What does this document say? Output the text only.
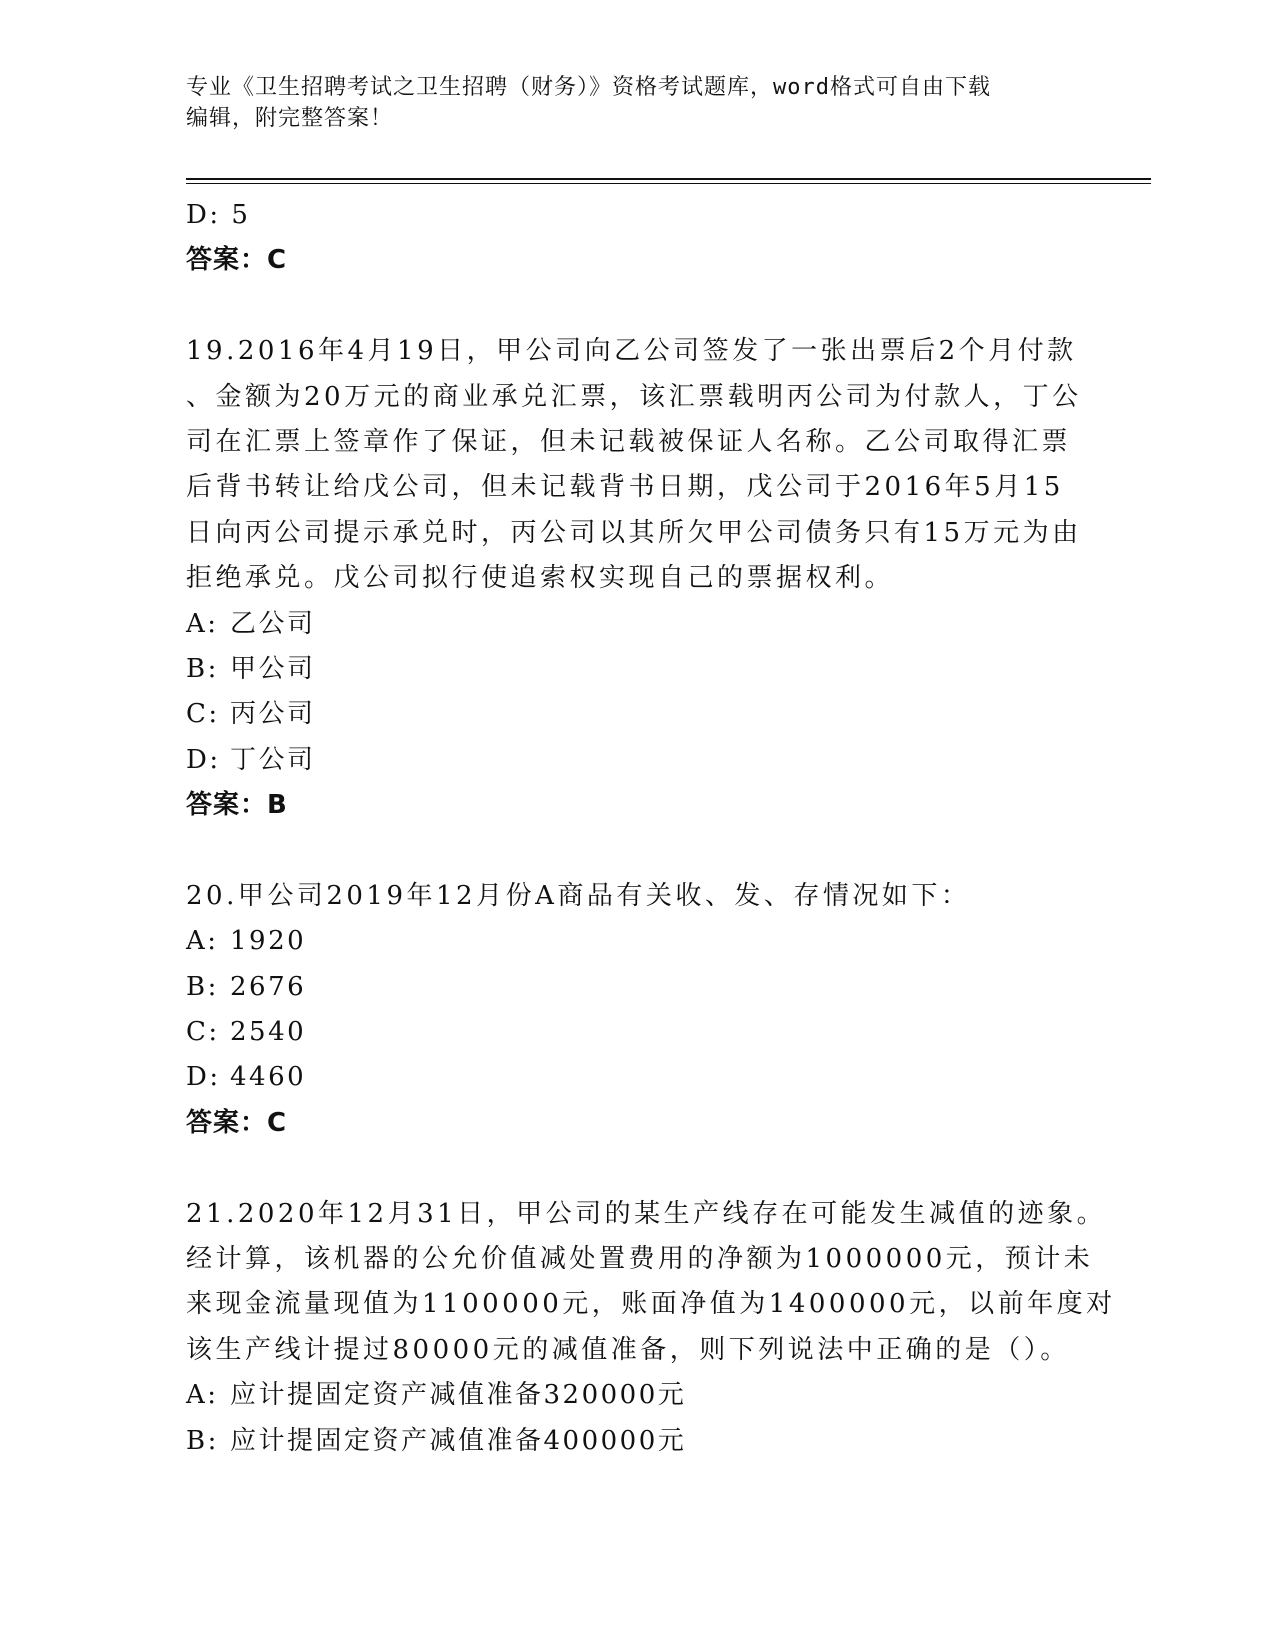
专业《卫生招聘考试之卫生招聘（财务）》资格考试题库，word格式可自由下载
编辑，附完整答案！
D: 5
答案：C
19.2016年4月19日，甲公司向乙公司签发了一张出票后2个月付款
、金额为20万元的商业承兑汇票，该汇票载明丙公司为付款人，丁公
司在汇票上签章作了保证，但未记载被保证人名称。乙公司取得汇票
后背书转让给戊公司，但未记载背书日期，戊公司于2016年5月15
日向丙公司提示承兑时，丙公司以其所欠甲公司债务只有15万元为由
拒绝承兑。戊公司拟行使追索权实现自己的票据权利。
A: 乙公司
B: 甲公司
C: 丙公司
D: 丁公司
答案：B
20.甲公司2019年12月份A商品有关收、发、存情况如下：
A: 1920
B: 2676
C: 2540
D: 4460
答案：C
21.2020年12月31日，甲公司的某生产线存在可能发生减值的迹象。
经计算，该机器的公允价值减处置费用的净额为1000000元，预计未
来现金流量现值为1100000元，账面净值为1400000元，以前年度对
该生产线计提过80000元的减值准备，则下列说法中正确的是（）。
A: 应计提固定资产减值准备320000元
B: 应计提固定资产减值准备400000元
